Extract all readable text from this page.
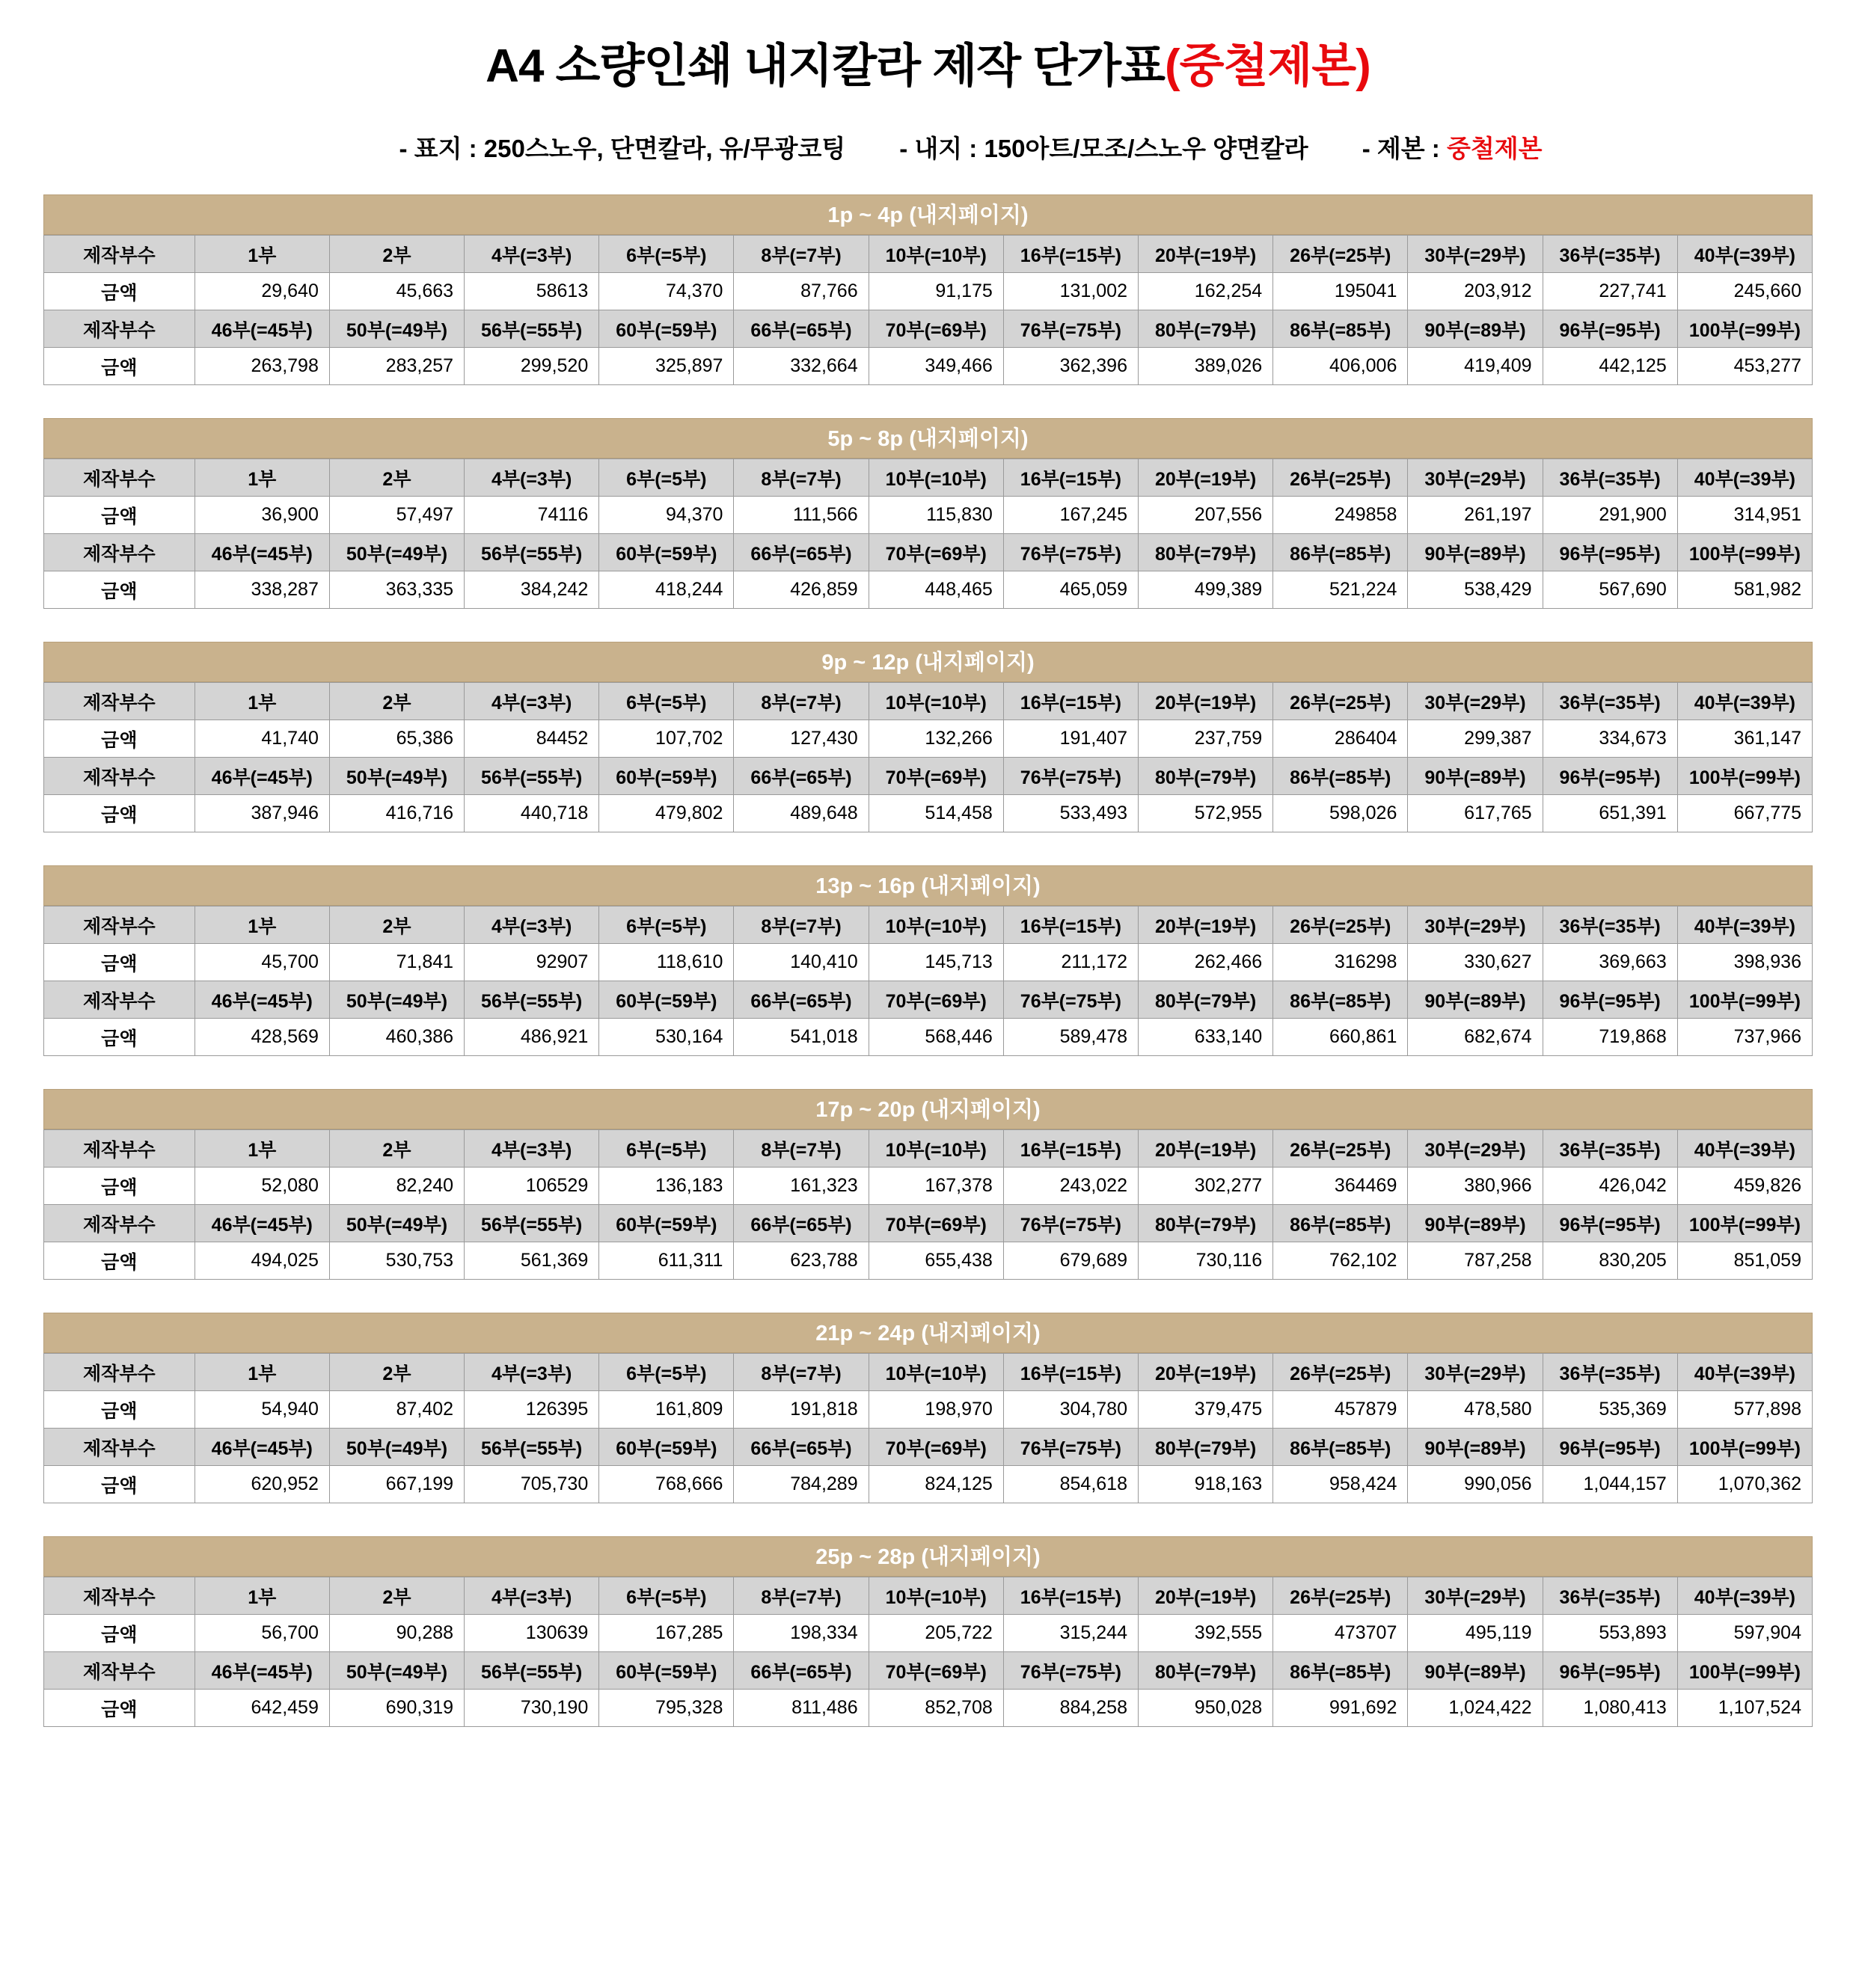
A4 소량인쇄 내지칼라 제작 단가표(중철제본)
- 표지 : 250스노우, 단면칼라, 유/무광코팅	- 내지 : 150아트/모조/스노우 양면칼라	- 제본 : 중철제본
1p ~ 4p (내지페이지)
제작부수	1부	2부	4부(=3부)	6부(=5부)	8부(=7부)	10부(=10부)	16부(=15부)	20부(=19부)	26부(=25부)	30부(=29부)	36부(=35부)	40부(=39부)
금액	29,640	45,663	58613	74,370	87,766	91,175	131,002	162,254	195041	203,912	227,741	245,660
제작부수	46부(=45부)	50부(=49부)	56부(=55부)	60부(=59부)	66부(=65부)	70부(=69부)	76부(=75부)	80부(=79부)	86부(=85부)	90부(=89부)	96부(=95부)	100부(=99부)
금액	263,798	283,257	299,520	325,897	332,664	349,466	362,396	389,026	406,006	419,409	442,125	453,277
5p ~ 8p (내지페이지)
제작부수	1부	2부	4부(=3부)	6부(=5부)	8부(=7부)	10부(=10부)	16부(=15부)	20부(=19부)	26부(=25부)	30부(=29부)	36부(=35부)	40부(=39부)
금액	36,900	57,497	74116	94,370	111,566	115,830	167,245	207,556	249858	261,197	291,900	314,951
제작부수	46부(=45부)	50부(=49부)	56부(=55부)	60부(=59부)	66부(=65부)	70부(=69부)	76부(=75부)	80부(=79부)	86부(=85부)	90부(=89부)	96부(=95부)	100부(=99부)
금액	338,287	363,335	384,242	418,244	426,859	448,465	465,059	499,389	521,224	538,429	567,690	581,982
9p ~ 12p (내지페이지)
제작부수	1부	2부	4부(=3부)	6부(=5부)	8부(=7부)	10부(=10부)	16부(=15부)	20부(=19부)	26부(=25부)	30부(=29부)	36부(=35부)	40부(=39부)
금액	41,740	65,386	84452	107,702	127,430	132,266	191,407	237,759	286404	299,387	334,673	361,147
제작부수	46부(=45부)	50부(=49부)	56부(=55부)	60부(=59부)	66부(=65부)	70부(=69부)	76부(=75부)	80부(=79부)	86부(=85부)	90부(=89부)	96부(=95부)	100부(=99부)
금액	387,946	416,716	440,718	479,802	489,648	514,458	533,493	572,955	598,026	617,765	651,391	667,775
13p ~ 16p (내지페이지)
제작부수	1부	2부	4부(=3부)	6부(=5부)	8부(=7부)	10부(=10부)	16부(=15부)	20부(=19부)	26부(=25부)	30부(=29부)	36부(=35부)	40부(=39부)
금액	45,700	71,841	92907	118,610	140,410	145,713	211,172	262,466	316298	330,627	369,663	398,936
제작부수	46부(=45부)	50부(=49부)	56부(=55부)	60부(=59부)	66부(=65부)	70부(=69부)	76부(=75부)	80부(=79부)	86부(=85부)	90부(=89부)	96부(=95부)	100부(=99부)
금액	428,569	460,386	486,921	530,164	541,018	568,446	589,478	633,140	660,861	682,674	719,868	737,966
17p ~ 20p (내지페이지)
제작부수	1부	2부	4부(=3부)	6부(=5부)	8부(=7부)	10부(=10부)	16부(=15부)	20부(=19부)	26부(=25부)	30부(=29부)	36부(=35부)	40부(=39부)
금액	52,080	82,240	106529	136,183	161,323	167,378	243,022	302,277	364469	380,966	426,042	459,826
제작부수	46부(=45부)	50부(=49부)	56부(=55부)	60부(=59부)	66부(=65부)	70부(=69부)	76부(=75부)	80부(=79부)	86부(=85부)	90부(=89부)	96부(=95부)	100부(=99부)
금액	494,025	530,753	561,369	611,311	623,788	655,438	679,689	730,116	762,102	787,258	830,205	851,059
21p ~ 24p (내지페이지)
제작부수	1부	2부	4부(=3부)	6부(=5부)	8부(=7부)	10부(=10부)	16부(=15부)	20부(=19부)	26부(=25부)	30부(=29부)	36부(=35부)	40부(=39부)
금액	54,940	87,402	126395	161,809	191,818	198,970	304,780	379,475	457879	478,580	535,369	577,898
제작부수	46부(=45부)	50부(=49부)	56부(=55부)	60부(=59부)	66부(=65부)	70부(=69부)	76부(=75부)	80부(=79부)	86부(=85부)	90부(=89부)	96부(=95부)	100부(=99부)
금액	620,952	667,199	705,730	768,666	784,289	824,125	854,618	918,163	958,424	990,056	1,044,157	1,070,362
25p ~ 28p (내지페이지)
제작부수	1부	2부	4부(=3부)	6부(=5부)	8부(=7부)	10부(=10부)	16부(=15부)	20부(=19부)	26부(=25부)	30부(=29부)	36부(=35부)	40부(=39부)
금액	56,700	90,288	130639	167,285	198,334	205,722	315,244	392,555	473707	495,119	553,893	597,904
제작부수	46부(=45부)	50부(=49부)	56부(=55부)	60부(=59부)	66부(=65부)	70부(=69부)	76부(=75부)	80부(=79부)	86부(=85부)	90부(=89부)	96부(=95부)	100부(=99부)
금액	642,459	690,319	730,190	795,328	811,486	852,708	884,258	950,028	991,692	1,024,422	1,080,413	1,107,524
